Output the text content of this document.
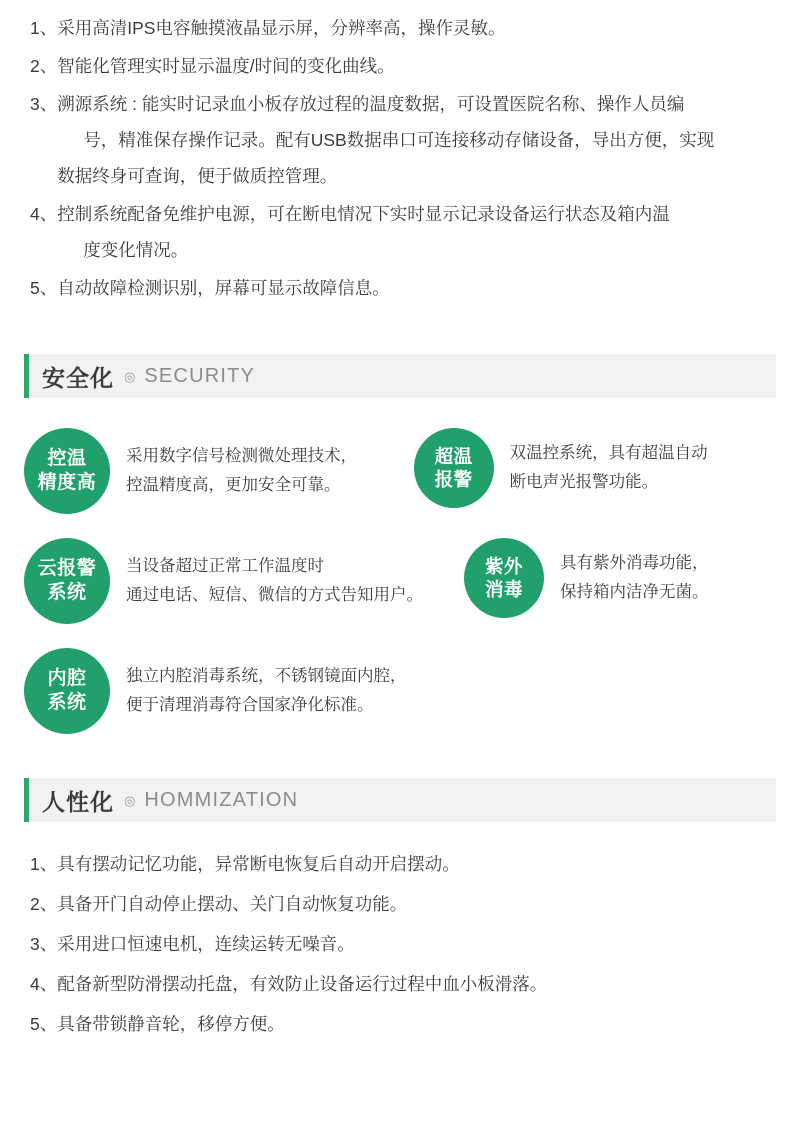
1、 采用高清IPS电容触摸液晶显示屏，分辨率高，操作灵敏。
2、 智能化管理实时显示温度/时间的变化曲线。
3、 溯源系统 : 能实时记录血小板存放过程的温度数据，可设置医院名称、操作人员编
号，精准保存操作记录。配有USB数据串口可连接移动存储设备，导出方便，实现
数据终身可查询，便于做质控管理。
4、 控制系统配备免维护电源，可在断电情况下实时显示记录设备运行状态及箱内温
度变化情况。
5、 自动故障检测识别，屏幕可显示故障信息。
安全化 ◎ SECURITY
控温
精度高
采用数字信号检测微处理技术，
控温精度高，更加安全可靠。
超温
报警
双温控系统，具有超温自动
断电声光报警功能。
云报警
系统
当设备超过正常工作温度时
通过电话、短信、微信的方式告知用户。
紫外
消毒
具有紫外消毒功能，
保持箱内洁净无菌。
内腔
系统
独立内腔消毒系统，不锈钢镜面内腔，
便于清理消毒符合国家净化标准。
人性化 ◎ HOMMIZATION
1、 具有摆动记忆功能，异常断电恢复后自动开启摆动。
2、 具备开门自动停止摆动、关门自动恢复功能。
3、 采用进口恒速电机，连续运转无噪音。
4、 配备新型防滑摆动托盘，有效防止设备运行过程中血小板滑落。
5、 具备带锁静音轮，移停方便。
